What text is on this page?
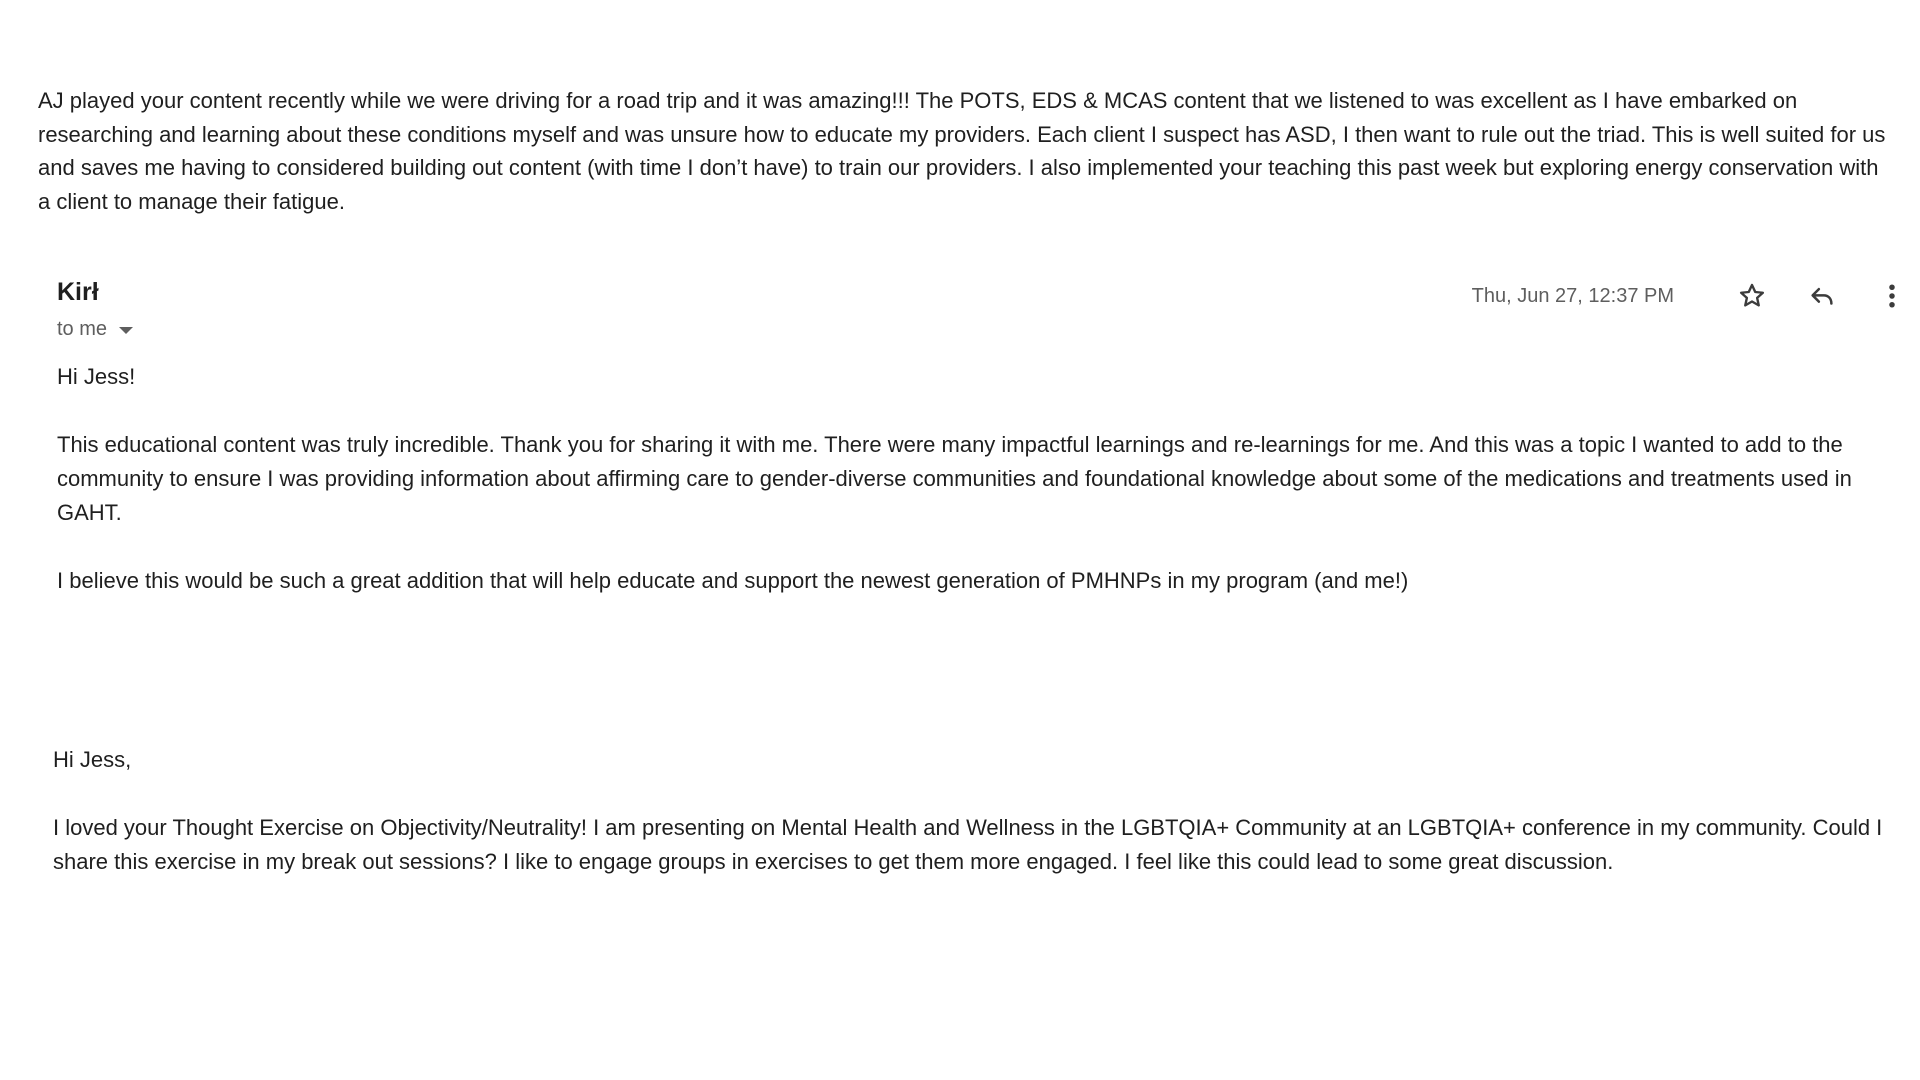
AJ played your content recently while we were driving for a road trip and it was amazing!!! The POTS, EDS & MCAS content that we listened to was excellent as I have embarked on researching and learning about these conditions myself and was unsure how to educate my providers. Each client I suspect has ASD, I then want to rule out the triad. This is well suited for us and saves me having to considered building out content (with time I don’t have) to train our providers. I also implemented your teaching this past week but exploring energy conservation with a client to manage their fatigue.

Kirł
to me
Thu, Jun 27, 12:37 PM

Hi Jess!

This educational content was truly incredible. Thank you for sharing it with me. There were many impactful learnings and re-learnings for me. And this was a topic I wanted to add to the community to ensure I was providing information about affirming care to gender-diverse communities and foundational knowledge about some of the medications and treatments used in GAHT.

I believe this would be such a great addition that will help educate and support the newest generation of PMHNPs in my program (and me!)

Hi Jess,

I loved your Thought Exercise on Objectivity/Neutrality! I am presenting on Mental Health and Wellness in the LGBTQIA+ Community at an LGBTQIA+ conference in my community. Could I share this exercise in my break out sessions? I like to engage groups in exercises to get them more engaged. I feel like this could lead to some great discussion.
